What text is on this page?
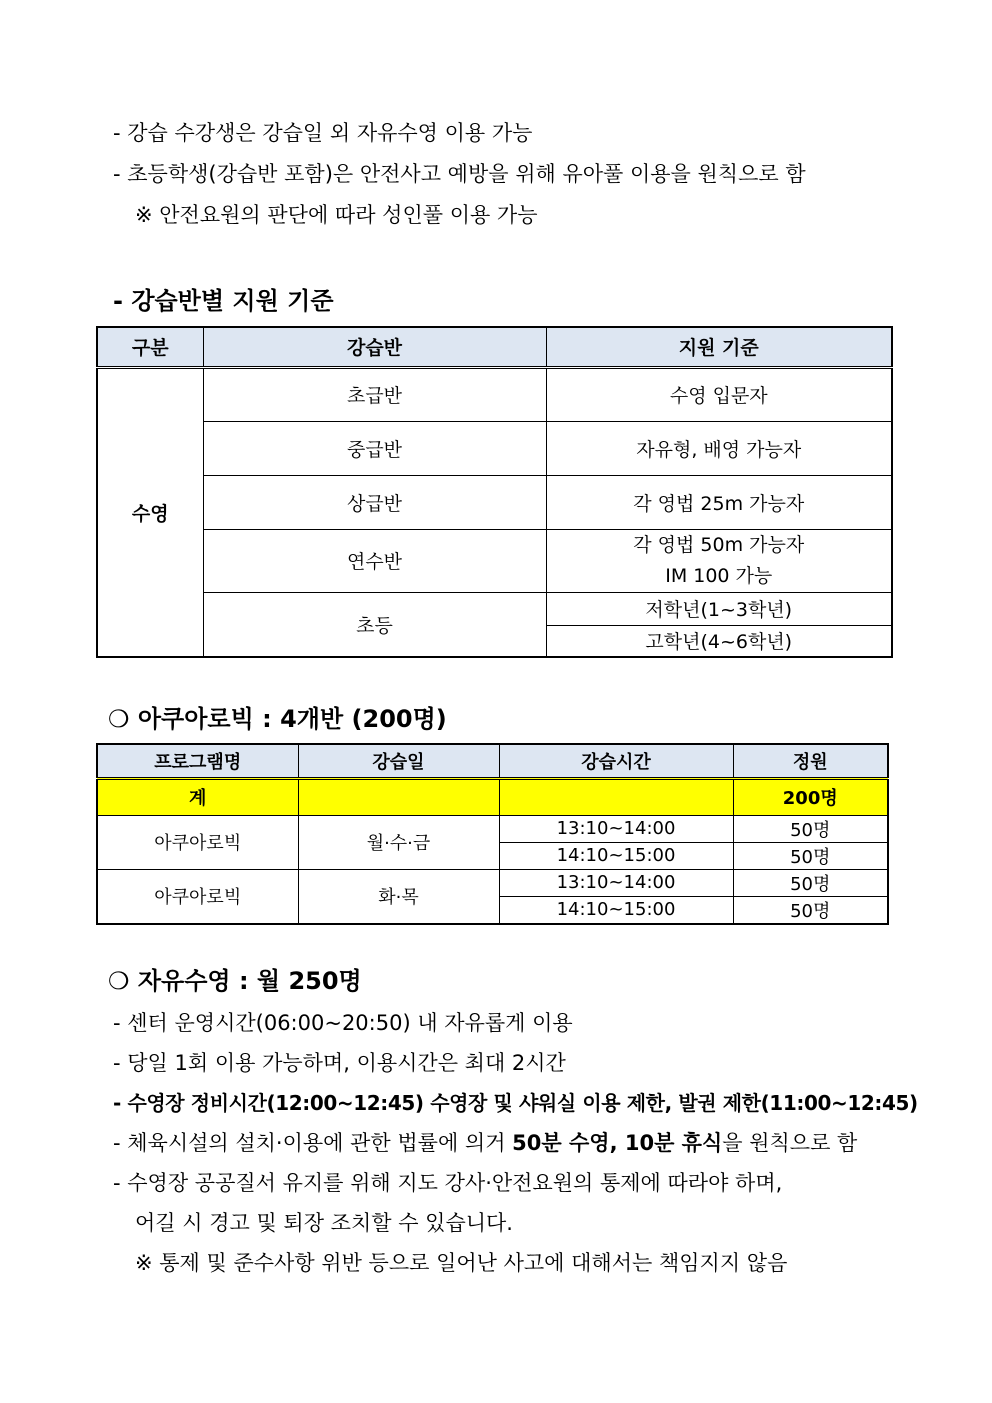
- 강습 수강생은 강습일 외 자유수영 이용 가능
- 초등학생(강습반 포함)은 안전사고 예방을 위해 유아풀 이용을 원칙으로 함
※ 안전요원의 판단에 따라 성인풀 이용 가능
- 강습반별 지원 기준
구분	강습반	지원 기준
수영	초급반	수영 입문자
	중급반	자유형, 배영 가능자
	상급반	각 영법 25m 가능자
	연수반	각 영법 50m 가능자
IM 100 가능

	초등	저학년(1~3학년)
		고학년(4~6학년)
❍ 아쿠아로빅 : 4개반 (200명)
프로그램명	강습일	강습시간	정원
계			200명
아쿠아로빅	월·수·금	13:10~14:00	50명
		14:10~15:00	50명
아쿠아로빅	화·목	13:10~14:00	50명
		14:10~15:00	50명
❍ 자유수영 : 월 250명
- 센터 운영시간(06:00~20:50) 내 자유롭게 이용
- 당일 1회 이용 가능하며, 이용시간은 최대 2시간
- 수영장 정비시간(12:00~12:45) 수영장 및 샤워실 이용 제한, 발권 제한(11:00~12:45)
- 체육시설의 설치·이용에 관한 법률에 의거 50분 수영, 10분 휴식을 원칙으로 함
- 수영장 공공질서 유지를 위해 지도 강사·안전요원의 통제에 따라야 하며,
어길 시 경고 및 퇴장 조치할 수 있습니다.
※ 통제 및 준수사항 위반 등으로 일어난 사고에 대해서는 책임지지 않음
